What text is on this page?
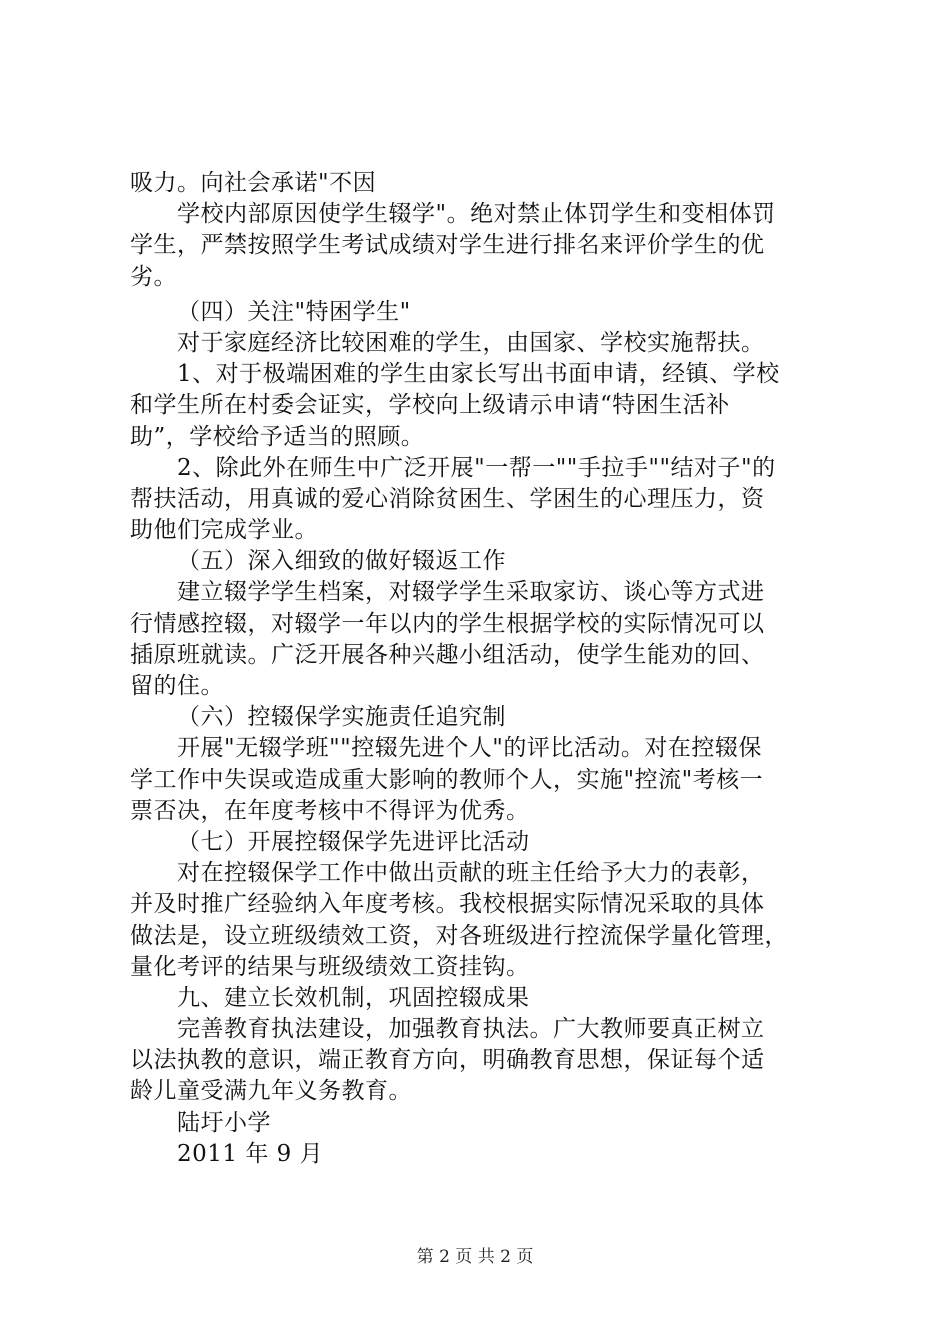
吸力。向社会承诺"不因
学校内部原因使学生辍学"。绝对禁止体罚学生和变相体罚
学生，严禁按照学生考试成绩对学生进行排名来评价学生的优
劣。
（四）关注"特困学生"
对于家庭经济比较困难的学生，由国家、学校实施帮扶。
1、对于极端困难的学生由家长写出书面申请，经镇、学校
和学生所在村委会证实，学校向上级请示申请“特困生活补
助”，学校给予适当的照顾。
2、除此外在师生中广泛开展"一帮一""手拉手""结对子"的
帮扶活动，用真诚的爱心消除贫困生、学困生的心理压力，资
助他们完成学业。
（五）深入细致的做好辍返工作
建立辍学学生档案，对辍学学生采取家访、谈心等方式进
行情感控辍，对辍学一年以内的学生根据学校的实际情况可以
插原班就读。广泛开展各种兴趣小组活动，使学生能劝的回、
留的住。
（六）控辍保学实施责任追究制
开展"无辍学班""控辍先进个人"的评比活动。对在控辍保
学工作中失误或造成重大影响的教师个人，实施"控流"考核一
票否决，在年度考核中不得评为优秀。
（七）开展控辍保学先进评比活动
对在控辍保学工作中做出贡献的班主任给予大力的表彰，
并及时推广经验纳入年度考核。我校根据实际情况采取的具体
做法是，设立班级绩效工资，对各班级进行控流保学量化管理，
量化考评的结果与班级绩效工资挂钩。
九、建立长效机制，巩固控辍成果
完善教育执法建设，加强教育执法。广大教师要真正树立
以法执教的意识，端正教育方向，明确教育思想，保证每个适
龄儿童受满九年义务教育。
陆圩小学
2011 年 9 月
第 2 页 共 2 页
